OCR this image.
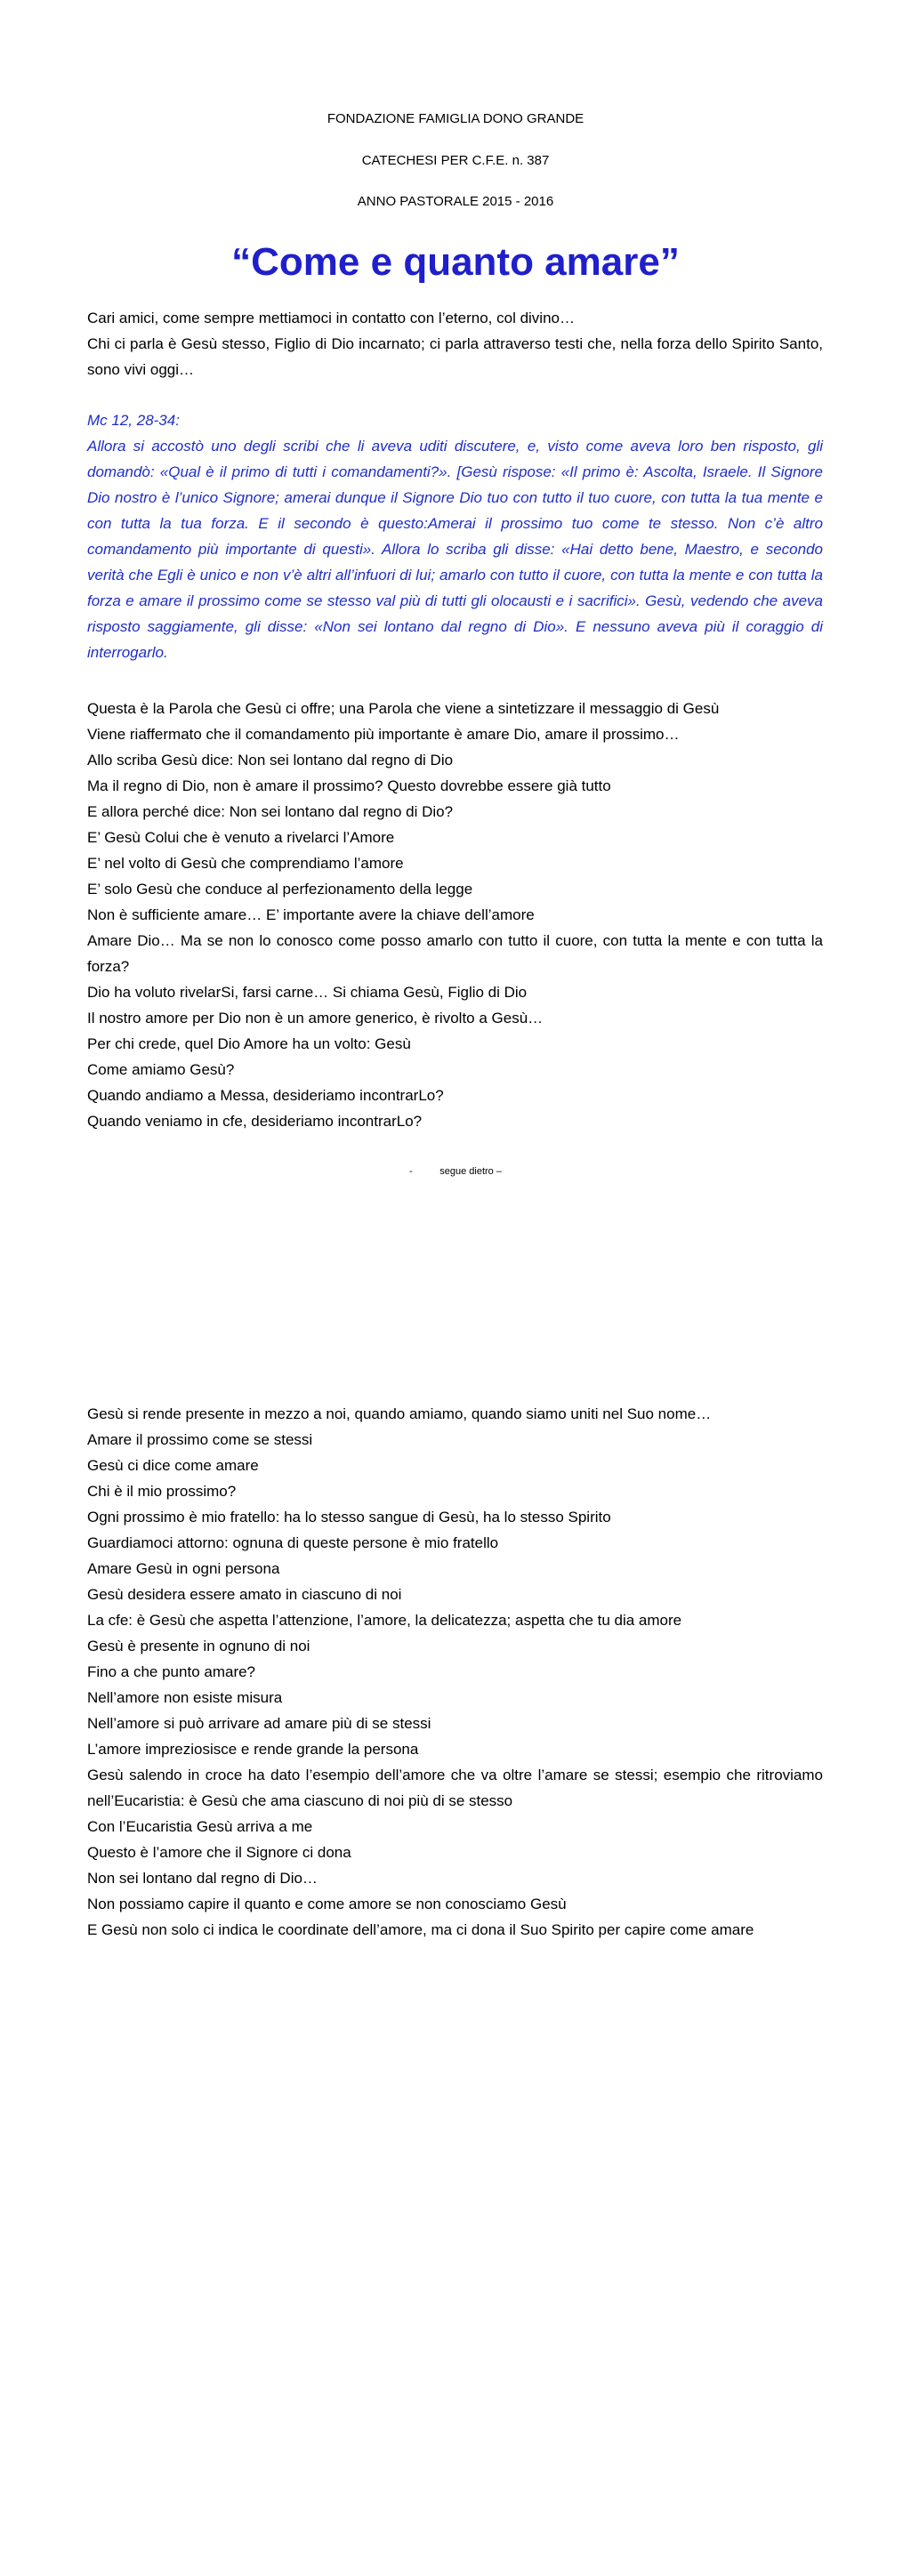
FONDAZIONE FAMIGLIA DONO GRANDE
CATECHESI PER C.F.E. n. 387
ANNO PASTORALE 2015 - 2016
“Come e quanto amare”

Cari amici, come sempre mettiamoci in contatto con l’eterno, col divino…

Chi ci parla è Gesù stesso, Figlio di Dio incarnato; ci parla attraverso testi che, nella forza dello Spirito Santo, sono vivi oggi…

Mc 12, 28-34:

Allora si accostò uno degli scribi che li aveva uditi discutere, e, visto come aveva loro ben risposto, gli domandò: «Qual è il primo di tutti i comandamenti?». [Gesù rispose: «Il primo è: Ascolta, Israele. Il Signore Dio nostro è l’unico Signore; amerai dunque il Signore Dio tuo con tutto il tuo cuore, con tutta la tua mente e con tutta la tua forza. E il secondo è questo:Amerai il prossimo tuo come te stesso. Non c’è altro comandamento più importante di questi». Allora lo scriba gli disse: «Hai detto bene, Maestro, e secondo verità che Egli è unico e non v’è altri all’infuori di lui; amarlo con tutto il cuore, con tutta la mente e con tutta la forza e amare il prossimo come se stesso val più di tutti gli olocausti e i sacrifici». Gesù, vedendo che aveva risposto saggiamente, gli disse: «Non sei lontano dal regno di Dio». E nessuno aveva più il coraggio di interrogarlo.

Questa è la Parola che Gesù ci offre; una Parola che viene a sintetizzare il messaggio di Gesù

Viene riaffermato che il comandamento più importante è amare Dio, amare il prossimo…

Allo scriba Gesù dice: Non sei lontano dal regno di Dio

Ma il regno di Dio, non è amare il prossimo? Questo dovrebbe essere già tutto

E allora perché dice: Non sei lontano dal regno di Dio?

E’ Gesù Colui che è venuto a rivelarci l’Amore

E’ nel volto di Gesù che comprendiamo l’amore

E’ solo Gesù che conduce al perfezionamento della legge

Non è sufficiente amare… E’ importante avere la chiave dell’amore

Amare Dio… Ma se non lo conosco come posso amarlo con tutto il cuore, con tutta la mente e con tutta la forza?

Dio ha voluto rivelarSi, farsi carne… Si chiama Gesù, Figlio di Dio

Il nostro amore per Dio non è un amore generico, è rivolto a Gesù…

Per chi crede, quel Dio Amore ha un volto: Gesù

Come amiamo Gesù?

Quando andiamo a Messa, desideriamo incontrarLo?

Quando veniamo in cfe, desideriamo incontrarLo?

-          segue dietro –

Gesù si rende presente in mezzo a noi, quando amiamo, quando siamo uniti nel Suo nome…

Amare il prossimo come se stessi

Gesù ci dice come amare

Chi è il mio prossimo?

Ogni prossimo è mio fratello: ha lo stesso sangue di Gesù, ha lo stesso Spirito

Guardiamoci attorno: ognuna di queste persone è mio fratello

Amare Gesù in ogni persona

Gesù desidera essere amato in ciascuno di noi

La cfe: è Gesù che aspetta l’attenzione, l’amore, la delicatezza; aspetta che tu dia amore

Gesù è presente in ognuno di noi

Fino a che punto amare?

Nell’amore non esiste misura

Nell’amore si può arrivare ad amare più di se stessi

L’amore impreziosisce e rende grande la persona

Gesù salendo in croce ha dato l’esempio dell’amore che va oltre l’amare se stessi; esempio che ritroviamo nell’Eucaristia: è Gesù che ama ciascuno di noi più di se stesso

Con l’Eucaristia Gesù arriva a me

Questo è l’amore che il Signore ci dona

Non sei lontano dal regno di Dio…

Non possiamo capire il quanto e come amore se non conosciamo Gesù

E Gesù non solo ci indica le coordinate dell’amore, ma ci dona il Suo Spirito per capire come amare
